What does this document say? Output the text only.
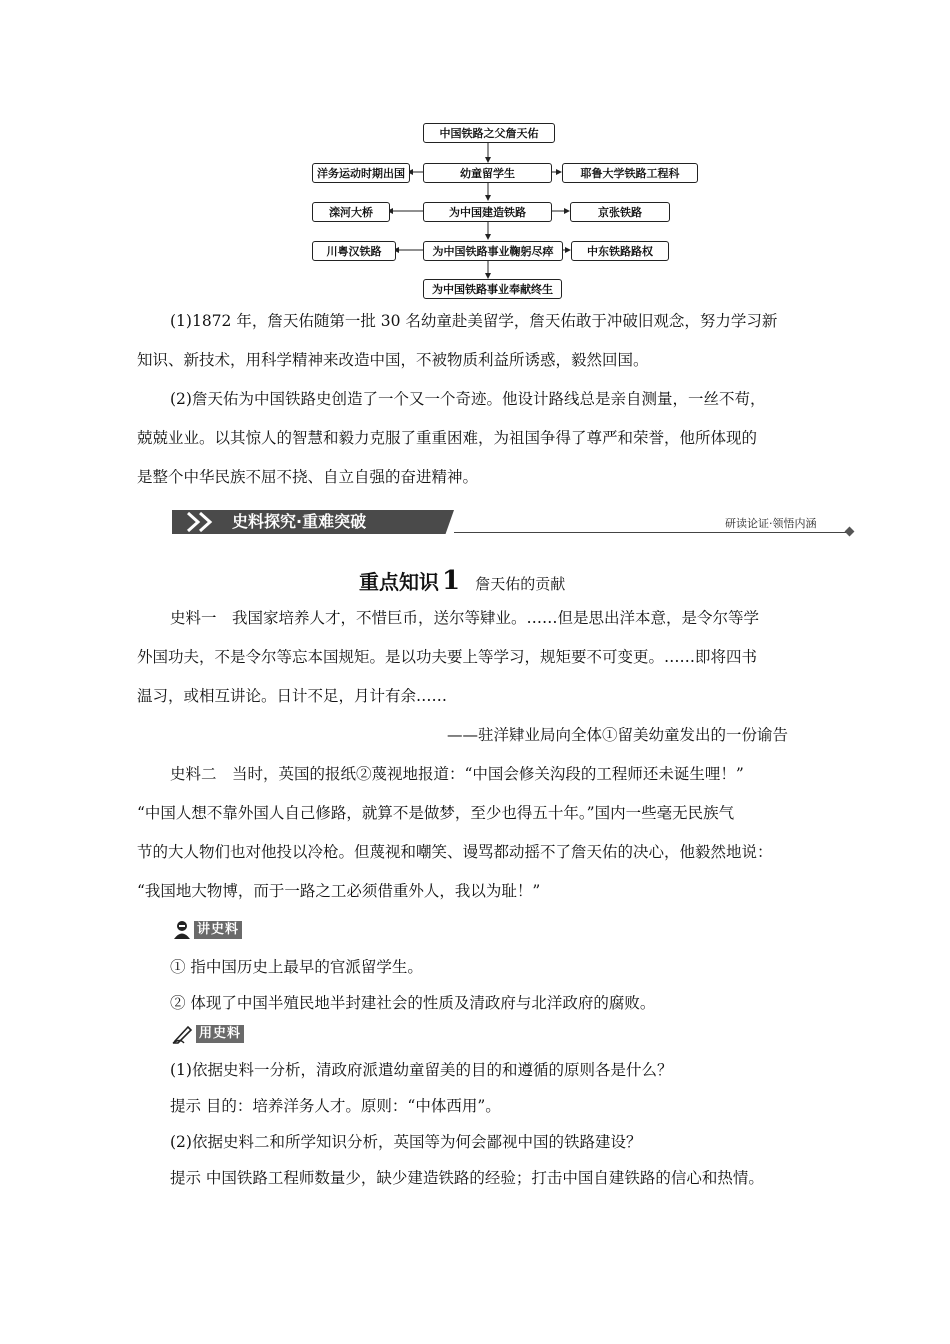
中国铁路之父詹天佑
洋务运动时期出国	幼童留学生	耶鲁大学铁路工程科
滦河大桥	为中国建造铁路	京张铁路
川粤汉铁路	为中国铁路事业鞠躬尽瘁	中东铁路路权
为中国铁路事业奉献终生
(1)1872 年，詹天佑随第一批 30 名幼童赴美留学，詹天佑敢于冲破旧观念，努力学习新
知识、新技术，用科学精神来改造中国，不被物质利益所诱惑，毅然回国。
(2)詹天佑为中国铁路史创造了一个又一个奇迹。他设计路线总是亲自测量，一丝不苟，
兢兢业业。以其惊人的智慧和毅力克服了重重困难，为祖国争得了尊严和荣誉，他所体现的
是整个中华民族不屈不挠、自立自强的奋进精神。
史料探究·重难突破	研读论证·领悟内涵
重点知识 1 詹天佑的贡献
史料一　我国家培养人才，不惜巨币，送尔等肄业。……但是思出洋本意，是令尔等学
外国功夫，不是令尔等忘本国规矩。是以功夫要上等学习，规矩要不可变更。……即将四书
温习，或相互讲论。日计不足，月计有余……
——驻洋肄业局向全体①留美幼童发出的一份谕告
史料二　当时，英国的报纸②蔑视地报道：“中国会修关沟段的工程师还未诞生哩！”
“中国人想不靠外国人自己修路，就算不是做梦，至少也得五十年。”国内一些毫无民族气
节的大人物们也对他投以冷枪。但蔑视和嘲笑、谩骂都动摇不了詹天佑的决心，他毅然地说：
“我国地大物博，而于一路之工必须借重外人，我以为耻！”
讲史料
① 指中国历史上最早的官派留学生。
② 体现了中国半殖民地半封建社会的性质及清政府与北洋政府的腐败。
用史料
(1)依据史料一分析，清政府派遣幼童留美的目的和遵循的原则各是什么？
提示 目的：培养洋务人才。原则：“中体西用”。
(2)依据史料二和所学知识分析，英国等为何会鄙视中国的铁路建设？
提示 中国铁路工程师数量少，缺少建造铁路的经验；打击中国自建铁路的信心和热情。
